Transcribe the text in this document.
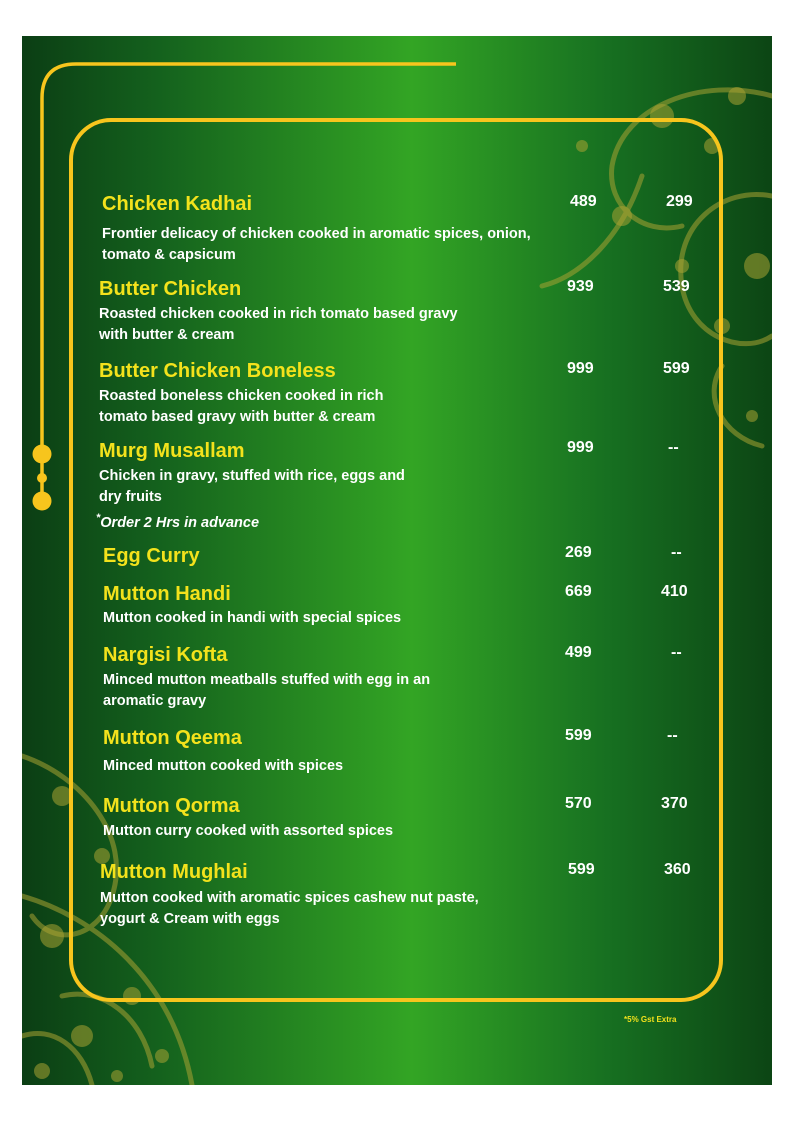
Chicken Kadhai
Frontier delicacy of chicken cooked in aromatic spices, onion, tomato & capsicum
489	299
Butter Chicken
Roasted chicken cooked in rich tomato based gravy with butter & cream
939	539
Butter Chicken Boneless
Roasted boneless chicken cooked in rich tomato based gravy with butter & cream
999	599
Murg Musallam
Chicken in gravy, stuffed with rice, eggs and dry fruits
*Order 2 Hrs in advance
999	--
Egg Curry	269	--
Mutton Handi
Mutton cooked in handi with special spices
669	410
Nargisi Kofta
Minced mutton meatballs stuffed with egg in an aromatic gravy
499	--
Mutton Qeema
Minced mutton cooked with spices
599	--
Mutton Qorma
Mutton curry cooked with assorted spices
570	370
Mutton Mughlai
Mutton cooked with aromatic spices cashew nut paste, yogurt & Cream with eggs
599	360
*5% Gst Extra
